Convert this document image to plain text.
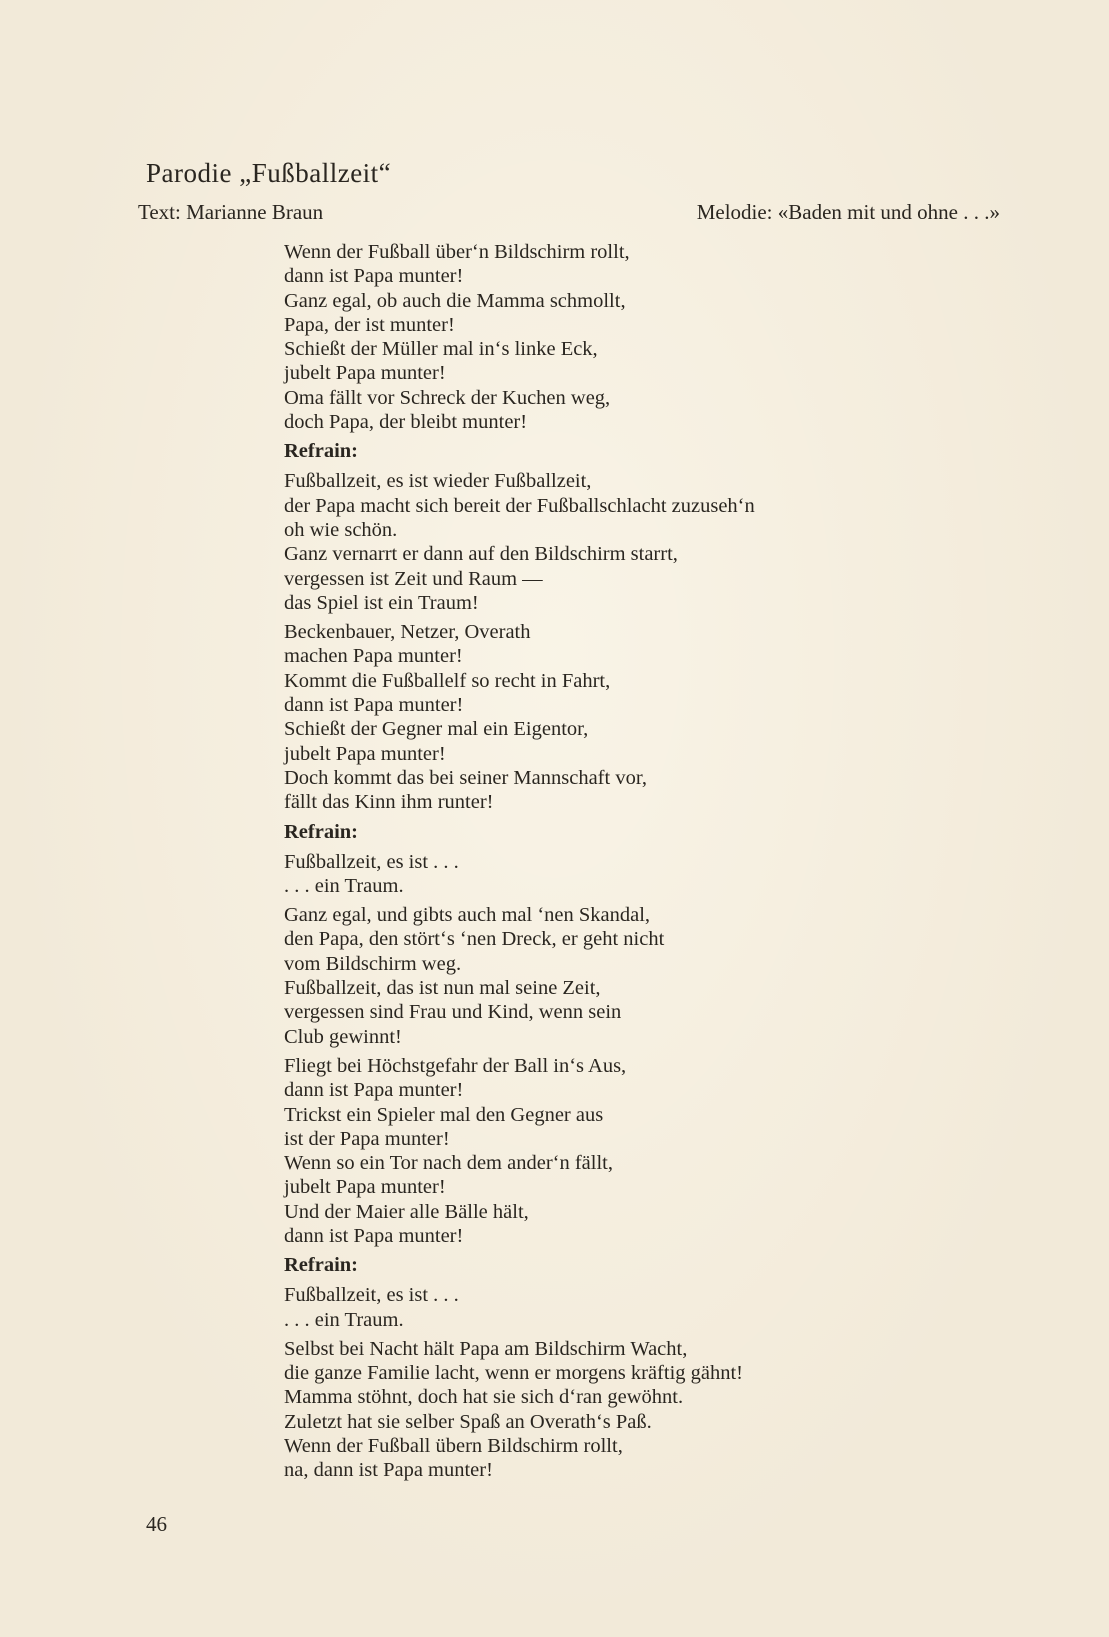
Parodie „Fußballzeit“
Text: Marianne Braun	Melodie: «Baden mit und ohne . . .»
Wenn der Fußball über‘n Bildschirm rollt,
dann ist Papa munter!
Ganz egal, ob auch die Mamma schmollt,
Papa, der ist munter!
Schießt der Müller mal in‘s linke Eck,
jubelt Papa munter!
Oma fällt vor Schreck der Kuchen weg,
doch Papa, der bleibt munter!
Refrain:
Fußballzeit, es ist wieder Fußballzeit,
der Papa macht sich bereit der Fußballschlacht zuzuseh‘n
oh wie schön.
Ganz vernarrt er dann auf den Bildschirm starrt,
vergessen ist Zeit und Raum —
das Spiel ist ein Traum!
Beckenbauer, Netzer, Overath
machen Papa munter!
Kommt die Fußballelf so recht in Fahrt,
dann ist Papa munter!
Schießt der Gegner mal ein Eigentor,
jubelt Papa munter!
Doch kommt das bei seiner Mannschaft vor,
fällt das Kinn ihm runter!
Refrain:
Fußballzeit, es ist . . .
. . . ein Traum.
Ganz egal, und gibts auch mal ‘nen Skandal,
den Papa, den stört‘s ‘nen Dreck, er geht nicht
vom Bildschirm weg.
Fußballzeit, das ist nun mal seine Zeit,
vergessen sind Frau und Kind, wenn sein
Club gewinnt!
Fliegt bei Höchstgefahr der Ball in‘s Aus,
dann ist Papa munter!
Trickst ein Spieler mal den Gegner aus
ist der Papa munter!
Wenn so ein Tor nach dem ander‘n fällt,
jubelt Papa munter!
Und der Maier alle Bälle hält,
dann ist Papa munter!
Refrain:
Fußballzeit, es ist . . .
. . . ein Traum.
Selbst bei Nacht hält Papa am Bildschirm Wacht,
die ganze Familie lacht, wenn er morgens kräftig gähnt!
Mamma stöhnt, doch hat sie sich d‘ran gewöhnt.
Zuletzt hat sie selber Spaß an Overath‘s Paß.
Wenn der Fußball übern Bildschirm rollt,
na, dann ist Papa munter!
46
